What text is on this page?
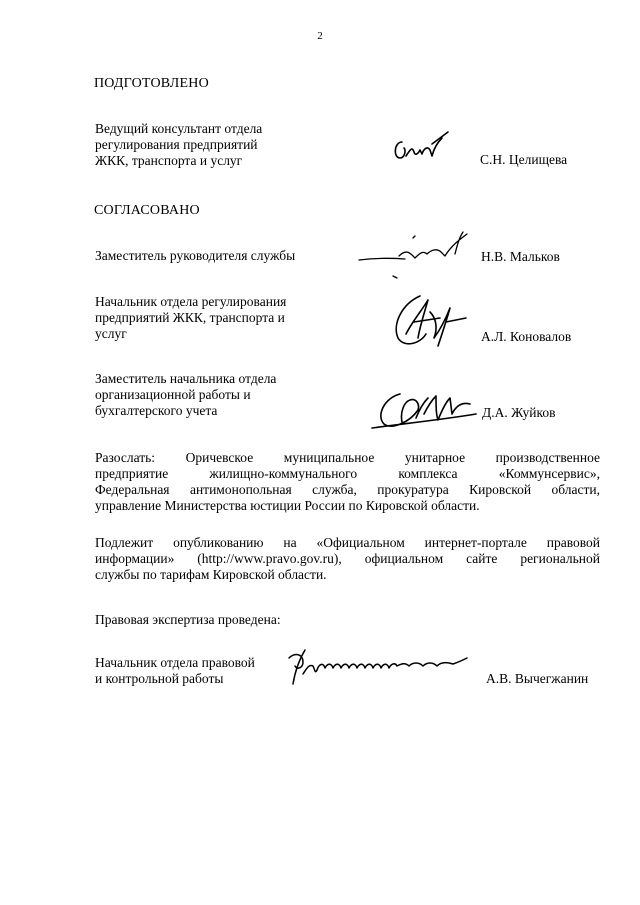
2
ПОДГОТОВЛЕНО
Ведущий консультант отдела
регулирования предприятий
ЖКК, транспорта и услуг	С.Н. Целищева
СОГЛАСОВАНО
Заместитель руководителя службы	Н.В. Мальков
Начальник отдела регулирования
предприятий ЖКК, транспорта и
услуг	А.Л. Коновалов
Заместитель начальника отдела
организационной работы и
бухгалтерского учета	Д.А. Жуйков
Разослать: Оричевское муниципальное унитарное производственное
предприятие жилищно-коммунального комплекса «Коммунсервис»,
Федеральная антимонопольная служба, прокуратура Кировской области,
управление Министерства юстиции России по Кировской области.
Подлежит опубликованию на «Официальном интернет-портале правовой
информации» (http://www.pravo.gov.ru), официальном сайте региональной
службы по тарифам Кировской области.
Правовая экспертиза проведена:
Начальник отдела правовой
и контрольной работы	А.В. Вычегжанин
